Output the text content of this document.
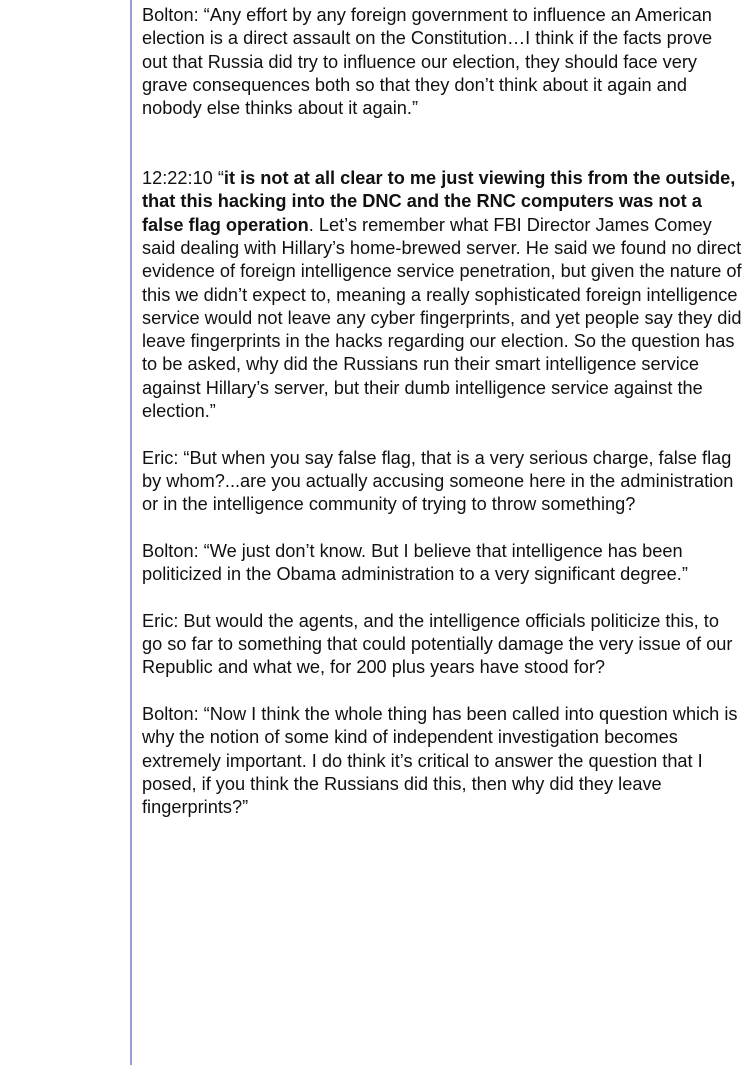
Bolton: “Any effort by any foreign government to influence an American election is a direct assault on the Constitution…I think if the facts prove out that Russia did try to influence our election, they should face very grave consequences both so that they don’t think about it again and nobody else thinks about it again.”

12:22:10 “it is not at all clear to me just viewing this from the outside, that this hacking into the DNC and the RNC computers was not a false flag operation. Let’s remember what FBI Director James Comey said dealing with Hillary’s home-brewed server. He said we found no direct evidence of foreign intelligence service penetration, but given the nature of this we didn’t expect to, meaning a really sophisticated foreign intelligence service would not leave any cyber fingerprints, and yet people say they did leave fingerprints in the hacks regarding our election. So the question has to be asked, why did the Russians run their smart intelligence service against Hillary’s server, but their dumb intelligence service against the election.”

Eric: “But when you say false flag, that is a very serious charge, false flag by whom?...are you actually accusing someone here in the administration or in the intelligence community of trying to throw something?

Bolton: “We just don’t know. But I believe that intelligence has been politicized in the Obama administration to a very significant degree.”

Eric: But would the agents, and the intelligence officials politicize this, to go so far to something that could potentially damage the very issue of our Republic and what we, for 200 plus years have stood for?

Bolton: “Now I think the whole thing has been called into question which is why the notion of some kind of independent investigation becomes extremely important. I do think it’s critical to answer the question that I posed, if you think the Russians did this, then why did they leave fingerprints?”
